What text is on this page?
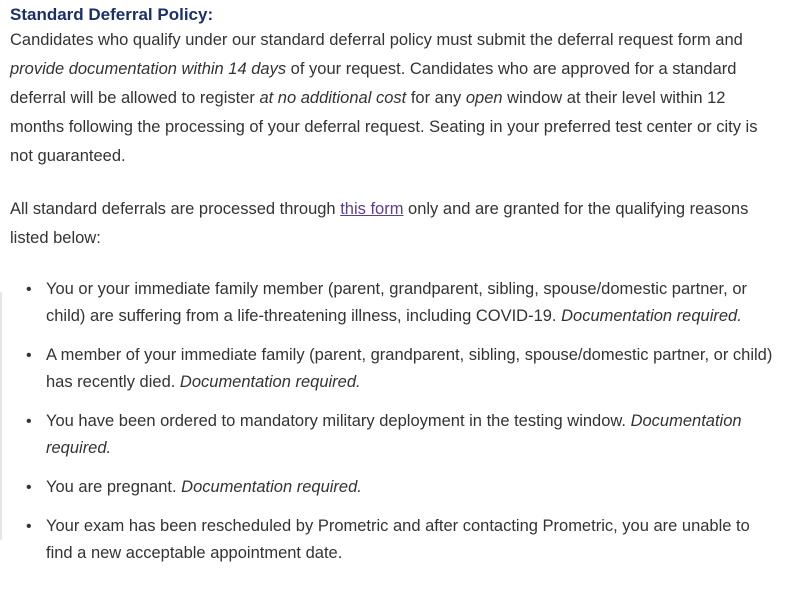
Standard Deferral Policy:

Candidates who qualify under our standard deferral policy must submit the deferral request form and provide documentation within 14 days of your request. Candidates who are approved for a standard deferral will be allowed to register at no additional cost for any open window at their level within 12 months following the processing of your deferral request. Seating in your preferred test center or city is not guaranteed.

All standard deferrals are processed through this form only and are granted for the qualifying reasons listed below:

• You or your immediate family member (parent, grandparent, sibling, spouse/domestic partner, or child) are suffering from a life-threatening illness, including COVID-19. Documentation required.
• A member of your immediate family (parent, grandparent, sibling, spouse/domestic partner, or child) has recently died. Documentation required.
• You have been ordered to mandatory military deployment in the testing window. Documentation required.
• You are pregnant. Documentation required.
• Your exam has been rescheduled by Prometric and after contacting Prometric, you are unable to find a new acceptable appointment date.
